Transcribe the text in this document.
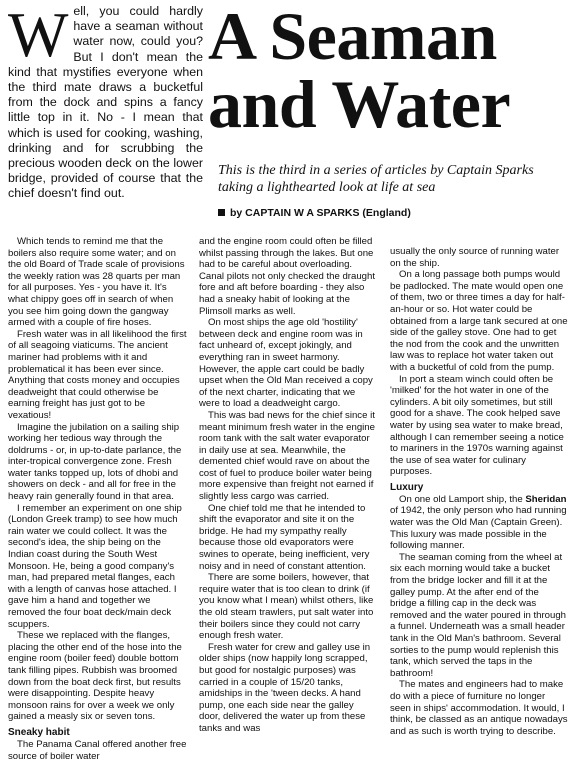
Well, you could hardly have a seaman without water now, could you? But I don't mean the kind that mystifies everyone when the third mate draws a bucketful from the dock and spins a fancy little top in it. No - I mean that which is used for cooking, washing, drinking and for scrubbing the precious wooden deck on the lower bridge, provided of course that the chief doesn't find out.
A Seaman and Water
This is the third in a series of articles by Captain Sparks taking a lighthearted look at life at sea
by CAPTAIN W A SPARKS (England)

Which tends to remind me that the boilers also require some water; and on the old Board of Trade scale of provisions the weekly ration was 28 quarts per man for all purposes. Yes - you have it. It's what chippy goes off in search of when you see him going down the gangway armed with a couple of fire hoses.

Fresh water was in all likelihood the first of all seagoing viaticums. The ancient mariner had problems with it and problematical it has been ever since. Anything that costs money and occupies deadweight that could otherwise be earning freight has just got to be vexatious!

Imagine the jubilation on a sailing ship working her tedious way through the doldrums - or, in up-to-date parlance, the inter-tropical convergence zone. Fresh water tanks topped up, lots of dhobi and showers on deck - and all for free in the heavy rain generally found in that area.

I remember an experiment on one ship (London Greek tramp) to see how much rain water we could collect. It was the second's idea, the ship being on the Indian coast during the South West Monsoon. He, being a good company's man, had prepared metal flanges, each with a length of canvas hose attached. I gave him a hand and together we removed the four boat deck/main deck scuppers.

These we replaced with the flanges, placing the other end of the hose into the engine room (boiler feed) double bottom tank filling pipes. Rubbish was broomed down from the boat deck first, but results were disappointing. Despite heavy monsoon rains for over a week we only gained a measly six or seven tons.

Sneaky habit

The Panama Canal offered another free source of boiler water

and the engine room could often be filled whilst passing through the lakes. But one had to be careful about overloading. Canal pilots not only checked the draught fore and aft before boarding - they also had a sneaky habit of looking at the Plimsoll marks as well.

On most ships the age old 'hostility' between deck and engine room was in fact unheard of, except jokingly, and everything ran in sweet harmony. However, the apple cart could be badly upset when the Old Man received a copy of the next charter, indicating that we were to load a deadweight cargo.

This was bad news for the chief since it meant minimum fresh water in the engine room tank with the salt water evaporator in daily use at sea. Meanwhile, the demented chief would rave on about the cost of fuel to produce boiler water being more expensive than freight not earned if slightly less cargo was carried.

One chief told me that he intended to shift the evaporator and site it on the bridge. He had my sympathy really because those old evaporators were swines to operate, being inefficient, very noisy and in need of constant attention.

There are some boilers, however, that require water that is too clean to drink (if you know what I mean) whilst others, like the old steam trawlers, put salt water into their boilers since they could not carry enough fresh water.

Fresh water for crew and galley use in older ships (now happily long scrapped, but good for nostalgic purposes) was carried in a couple of 15/20 tanks, amidships in the 'tween decks. A hand pump, one each side near the galley door, delivered the water up from these tanks and was

usually the only source of running water on the ship.

On a long passage both pumps would be padlocked. The mate would open one of them, two or three times a day for half-an-hour or so. Hot water could be obtained from a large tank secured at one side of the galley stove. One had to get the nod from the cook and the unwritten law was to replace hot water taken out with a bucketful of cold from the pump.

In port a steam winch could often be 'milked' for the hot water in one of the cylinders. A bit oily sometimes, but still good for a shave. The cook helped save water by using sea water to make bread, although I can remember seeing a notice to mariners in the 1970s warning against the use of sea water for culinary purposes.

Luxury

On one old Lamport ship, the Sheridan of 1942, the only person who had running water was the Old Man (Captain Green). This luxury was made possible in the following manner.

The seaman coming from the wheel at six each morning would take a bucket from the bridge locker and fill it at the galley pump. At the after end of the bridge a filling cap in the deck was removed and the water poured in through a funnel. Underneath was a small header tank in the Old Man's bathroom. Several sorties to the pump would replenish this tank, which served the taps in the bathroom!

The mates and engineers had to make do with a piece of furniture no longer seen in ships' accommodation. It would, I think, be classed as an antique nowadays and as such is worth trying to describe.
